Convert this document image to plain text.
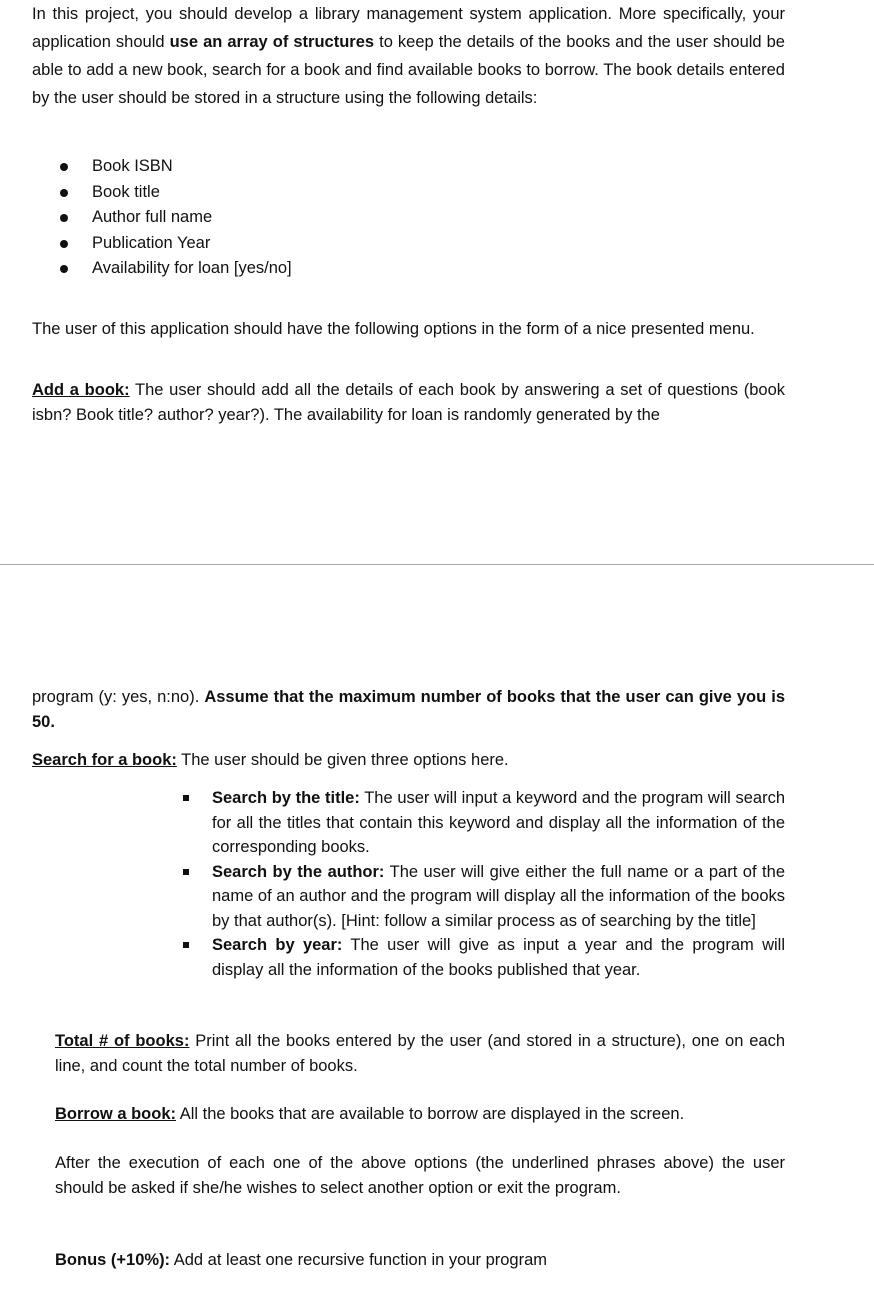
In this project, you should develop a library management system application. More specifically, your application should use an array of structures to keep the details of the books and the user should be able to add a new book, search for a book and find available books to borrow. The book details entered by the user should be stored in a structure using the following details:

Book ISBN
Book title
Author full name
Publication Year
Availability for loan [yes/no]

The user of this application should have the following options in the form of a nice presented menu.

Add a book: The user should add all the details of each book by answering a set of questions (book isbn? Book title? author? year?). The availability for loan is randomly generated by the

program (y: yes, n:no). Assume that the maximum number of books that the user can give you is 50.

Search for a book: The user should be given three options here.

Search by the title: The user will input a keyword and the program will search for all the titles that contain this keyword and display all the information of the corresponding books.
Search by the author: The user will give either the full name or a part of the name of an author and the program will display all the information of the books by that author(s). [Hint: follow a similar process as of searching by the title]
Search by year: The user will give as input a year and the program will display all the information of the books published that year.

Total # of books: Print all the books entered by the user (and stored in a structure), one on each line, and count the total number of books.

Borrow a book: All the books that are available to borrow are displayed in the screen.

After the execution of each one of the above options (the underlined phrases above) the user should be asked if she/he wishes to select another option or exit the program.

Bonus (+10%): Add at least one recursive function in your program
